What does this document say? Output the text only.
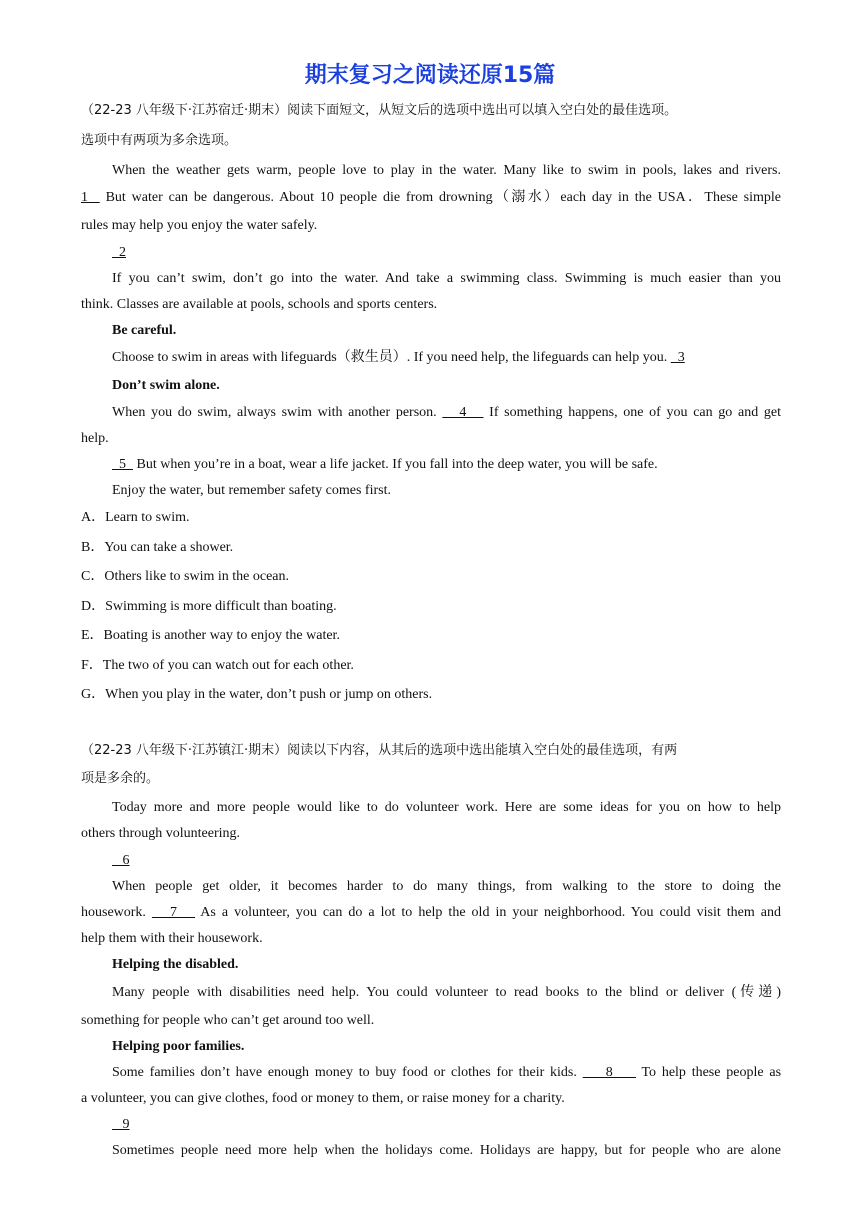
期末复习之阅读还原15篇
（22-23 八年级下·江苏宿迁·期末）阅读下面短文，从短文后的选项中选出可以填入空白处的最佳选项。
选项中有两项为多余选项。
When the weather gets warm, people love to play in the water. Many like to swim in pools, lakes and rivers.
1   But water can be dangerous. About 10 people die from drowning（溺水）each day in the USA．These simple
rules may help you enjoy the water safely.
2
If you can’t swim, don’t go into the water. And take a swimming class. Swimming is much easier than you
think. Classes are available at pools, schools and sports centers.
Be careful.
Choose to swim in areas with lifeguards（救生员）. If you need help, the lifeguards can help you.   3
Don’t swim alone.
When you do swim, always swim with another person.    4    If something happens, one of you can go and get
help.
5   But when you’re in a boat, wear a life jacket. If you fall into the deep water, you will be safe.
Enjoy the water, but remember safety comes first.
A．Learn to swim.
B．You can take a shower.
C．Others like to swim in the ocean.
D．Swimming is more difficult than boating.
E．Boating is another way to enjoy the water.
F．The two of you can watch out for each other.
G．When you play in the water, don’t push or jump on others.
（22-23 八年级下·江苏镇江·期末）阅读以下内容，从其后的选项中选出能填入空白处的最佳选项，有两
项是多余的。
Today more and more people would like to do volunteer work. Here are some ideas for you on how to help
others through volunteering.
6
When people get older, it becomes harder to do many things, from walking to the store to doing the
housework.    7    As a volunteer, you can do a lot to help the old in your neighborhood. You could visit them and
help them with their housework.
Helping the disabled.
Many people with disabilities need help. You could volunteer to read books to the blind or deliver (传递)
something for people who can’t get around too well.
Helping poor families.
Some families don’t have enough money to buy food or clothes for their kids.     8     To help these people as
a volunteer, you can give clothes, food or money to them, or raise money for a charity.
9
Sometimes people need more help when the holidays come. Holidays are happy, but for people who are alone
